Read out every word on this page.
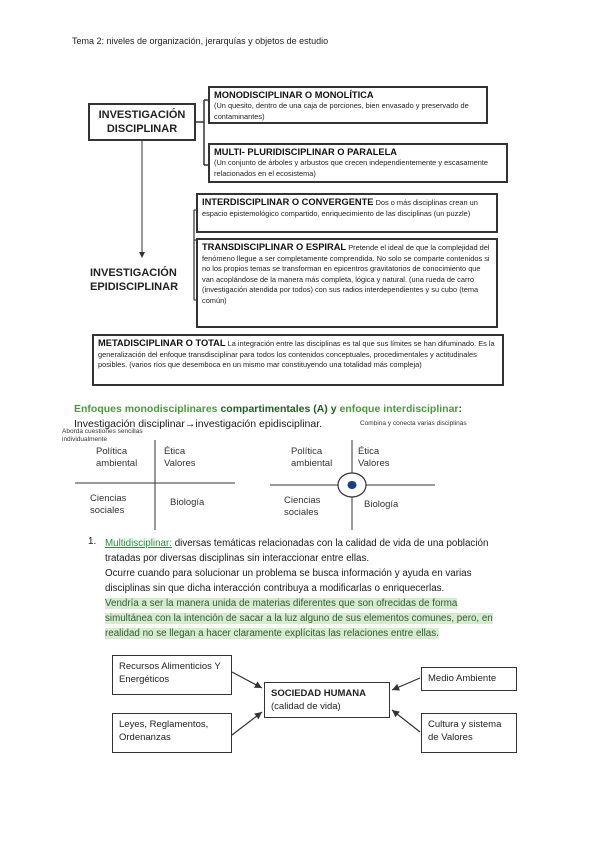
Tema 2: niveles de organización, jerarquías y objetos de estudio
INVESTIGACIÓN DISCIPLINAR
INVESTIGACIÓN EPIDISCIPLINAR
MONODISCIPLINAR O MONOLÍTICA
(Un quesito, dentro de una caja de porciones, bien envasado y preservado de contaminantes)
MULTI- PLURIDISCIPLINAR O PARALELA
(Un conjunto de árboles y arbustos que crecen independientemente y escasamente relacionados en el ecosistema)
INTERDISCIPLINAR O CONVERGENTE Dos o más disciplinas crean un espacio epistemológico compartido, enriquecimiento de las disciplinas (un puzzle)
TRANSDISCIPLINAR O ESPIRAL Pretende el ideal de que la complejidad del fenómeno llegue a ser completamente comprendida. No solo se comparte contenidos si no los propios temas se transforman en epicentros gravitatorios de conocimiento que van acoplándose de la manera más completa, lógica y natural. (una rueda de carro (investigación atendida por todos) con sus radios interdependientes y su cubo (tema común)
METADISCIPLINAR O TOTAL La integración entre las disciplinas es tal que sus límites se han difuminado. Es la generalización del enfoque transdisciplinar para todos los contenidos conceptuales, procedimentales y actitudinales posibles. (varios ríos que desemboca en un mismo mar constituyendo una totalidad más compleja)
Enfoques monodisciplinares compartimentales (A) y enfoque interdisciplinar:
Investigación disciplinar→investigación epidisciplinar.
Aborda cuestiones sencillas individualmente
Política ambiental
Ética Valores
Ciencias sociales
Biología
Combina y conecta varias disciplinas
Política ambiental
Ética Valores
Ciencias sociales
Biología
1. Multidisciplinar: diversas temáticas relacionadas con la calidad de vida de una población tratadas por diversas disciplinas sin interaccionar entre ellas.
Ocurre cuando para solucionar un problema se busca información y ayuda en varias disciplinas sin que dicha interacción contribuya a modificarlas o enriquecerlas.
Vendría a ser la manera unida de materias diferentes que son ofrecidas de forma simultánea con la intención de sacar a la luz alguno de sus elementos comunes, pero, en realidad no se llegan a hacer claramente explícitas las relaciones entre ellas.
Recursos Alimenticios Y Energéticos	Medio Ambiente
SOCIEDAD HUMANA
(calidad de vida)
Leyes, Reglamentos, Ordenanzas
Cultura y sistema de Valores
